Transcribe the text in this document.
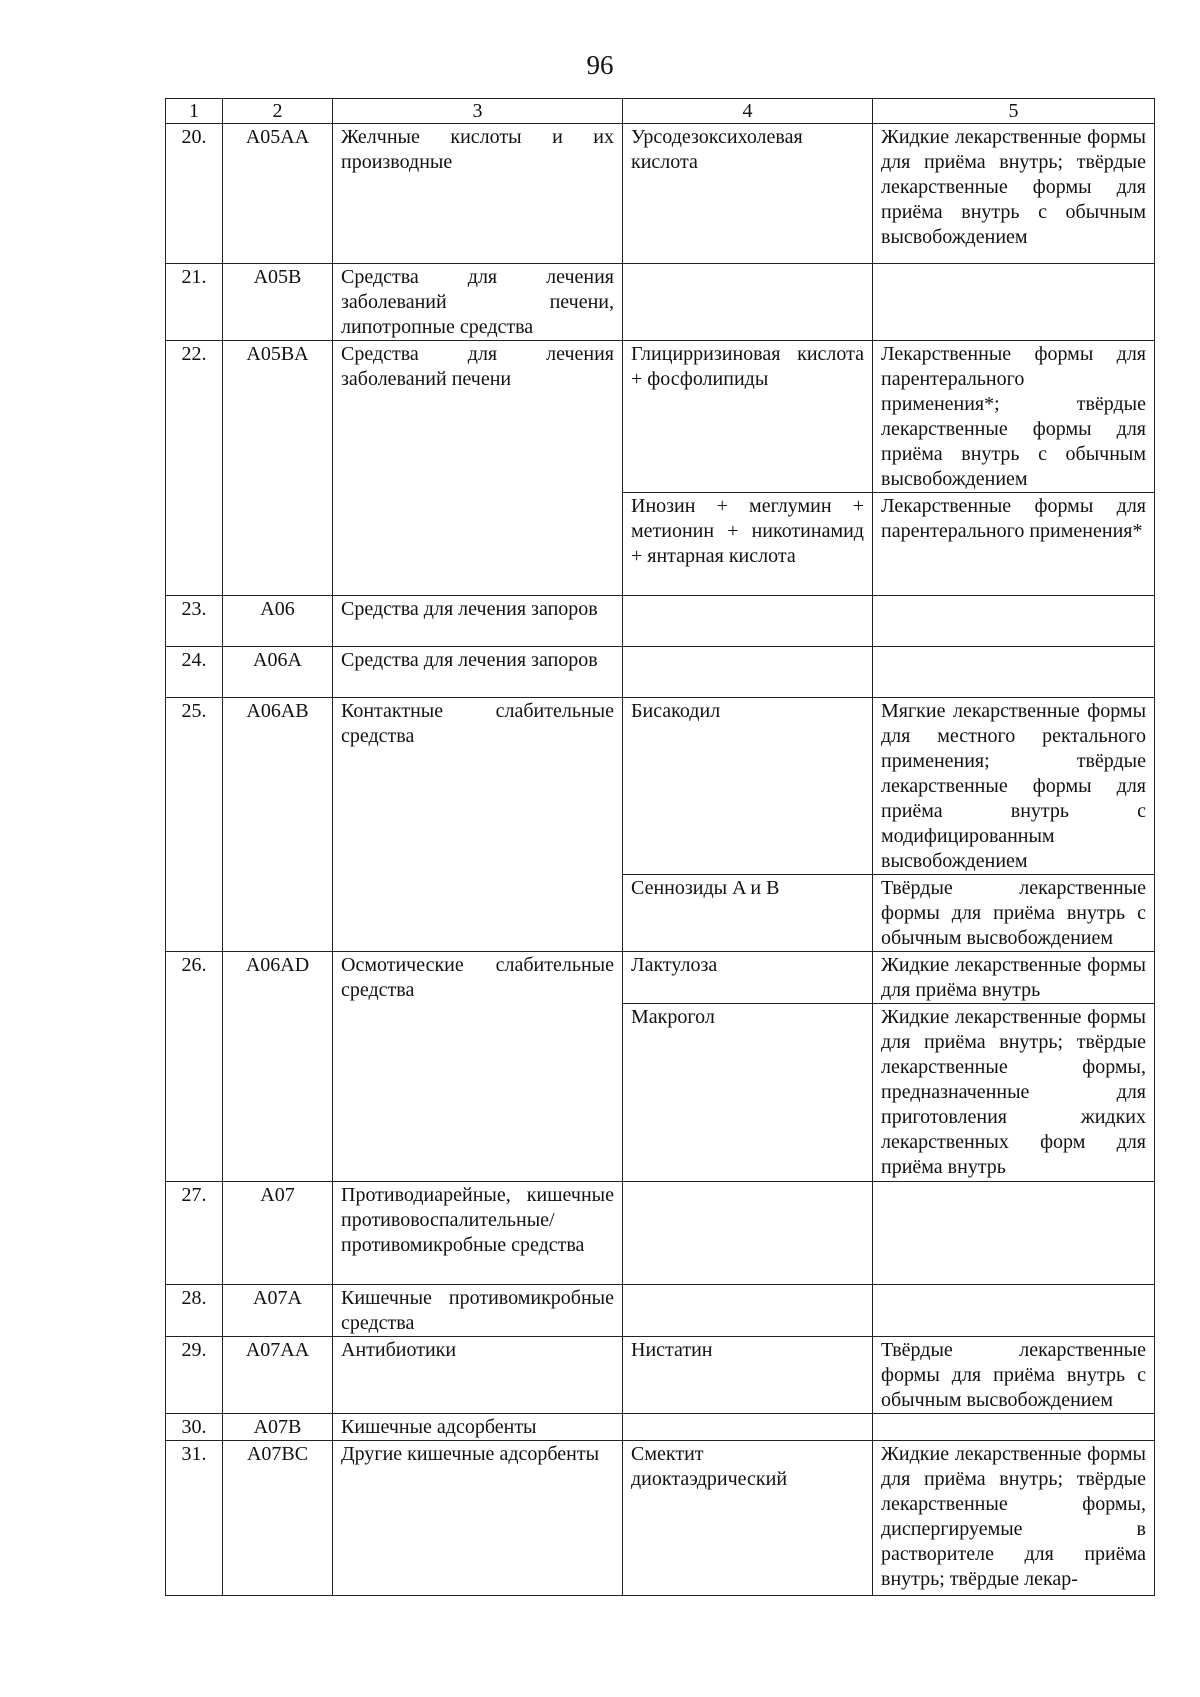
96
1	2	3	4	5
20.	A05AA	Желчные кислоты и их производные	Урсодезоксихолевая кислота	Жидкие лекарственные формы для приёма внутрь; твёрдые лекарственные формы для приёма внутрь с обычным высвобождением
21.	A05B	Средства для лечения заболеваний печени, липотропные средства		
22.	A05BA	Средства для лечения заболеваний печени	Глицирризиновая кислота + фосфолипиды	Лекарственные формы для парентерального применения*; твёрдые лекарственные формы для приёма внутрь с обычным высвобождением
			Инозин + меглумин + метионин + никотинамид + янтарная кислота	Лекарственные формы для парентерального применения*
23.	A06	Средства для лечения запоров		
24.	A06A	Средства для лечения запоров		
25.	A06AB	Контактные слабительные средства	Бисакодил	Мягкие лекарственные формы для местного ректального применения; твёрдые лекарственные формы для приёма внутрь с модифицированным высвобождением
			Сеннозиды A и B	Твёрдые лекарственные формы для приёма внутрь с обычным высвобождением
26.	A06AD	Осмотические слабительные средства	Лактулоза	Жидкие лекарственные формы для приёма внутрь
			Макрогол	Жидкие лекарственные формы для приёма внутрь; твёрдые лекарственные формы, предназначенные для приготовления жидких лекарственных форм для приёма внутрь
27.	A07	Противодиарейные, кишечные противовоспалительные/противомикробные средства		
28.	A07A	Кишечные противомикробные средства		
29.	A07AA	Антибиотики	Нистатин	Твёрдые лекарственные формы для приёма внутрь с обычным высвобождением
30.	A07B	Кишечные адсорбенты		
31.	A07BC	Другие кишечные адсорбенты	Смектит диоктаэдрический	Жидкие лекарственные формы для приёма внутрь; твёрдые лекарственные формы, диспергируемые в растворителе для приёма внутрь; твёрдые лекар-
